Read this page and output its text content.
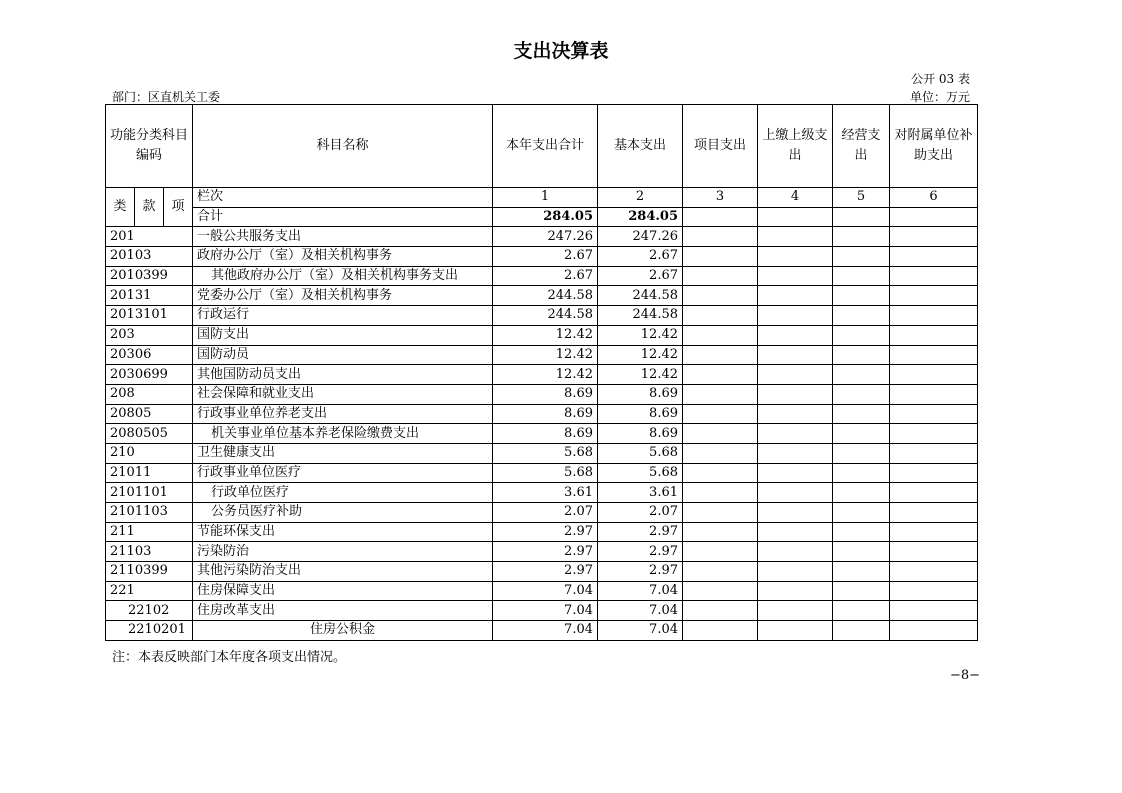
支出决算表
公开 03 表
部门：区直机关工委	单位：万元
功能分类科目编码			科目名称	本年支出合计	基本支出	项目支出	上缴上级支出	经营支出	对附属单位补助支出
类	款	项	栏次	1	2	3	4	5	6
			合计	284.05	284.05				
201			一般公共服务支出	247.26	247.26				
20103			政府办公厅（室）及相关机构事务	2.67	2.67				
2010399			其他政府办公厅（室）及相关机构事务支出	2.67	2.67				
20131			党委办公厅（室）及相关机构事务	244.58	244.58				
2013101			行政运行	244.58	244.58				
203			国防支出	12.42	12.42				
20306			国防动员	12.42	12.42				
2030699			其他国防动员支出	12.42	12.42				
208			社会保障和就业支出	8.69	8.69				
20805			行政事业单位养老支出	8.69	8.69				
2080505			机关事业单位基本养老保险缴费支出	8.69	8.69				
210			卫生健康支出	5.68	5.68				
21011			行政事业单位医疗	5.68	5.68				
2101101			行政单位医疗	3.61	3.61				
2101103			公务员医疗补助	2.07	2.07				
211			节能环保支出	2.97	2.97				
21103			污染防治	2.97	2.97				
2110399			其他污染防治支出	2.97	2.97				
221			住房保障支出	7.04	7.04				
22102			住房改革支出	7.04	7.04				
2210201			住房公积金	7.04	7.04				
注：本表反映部门本年度各项支出情况。
−8−
